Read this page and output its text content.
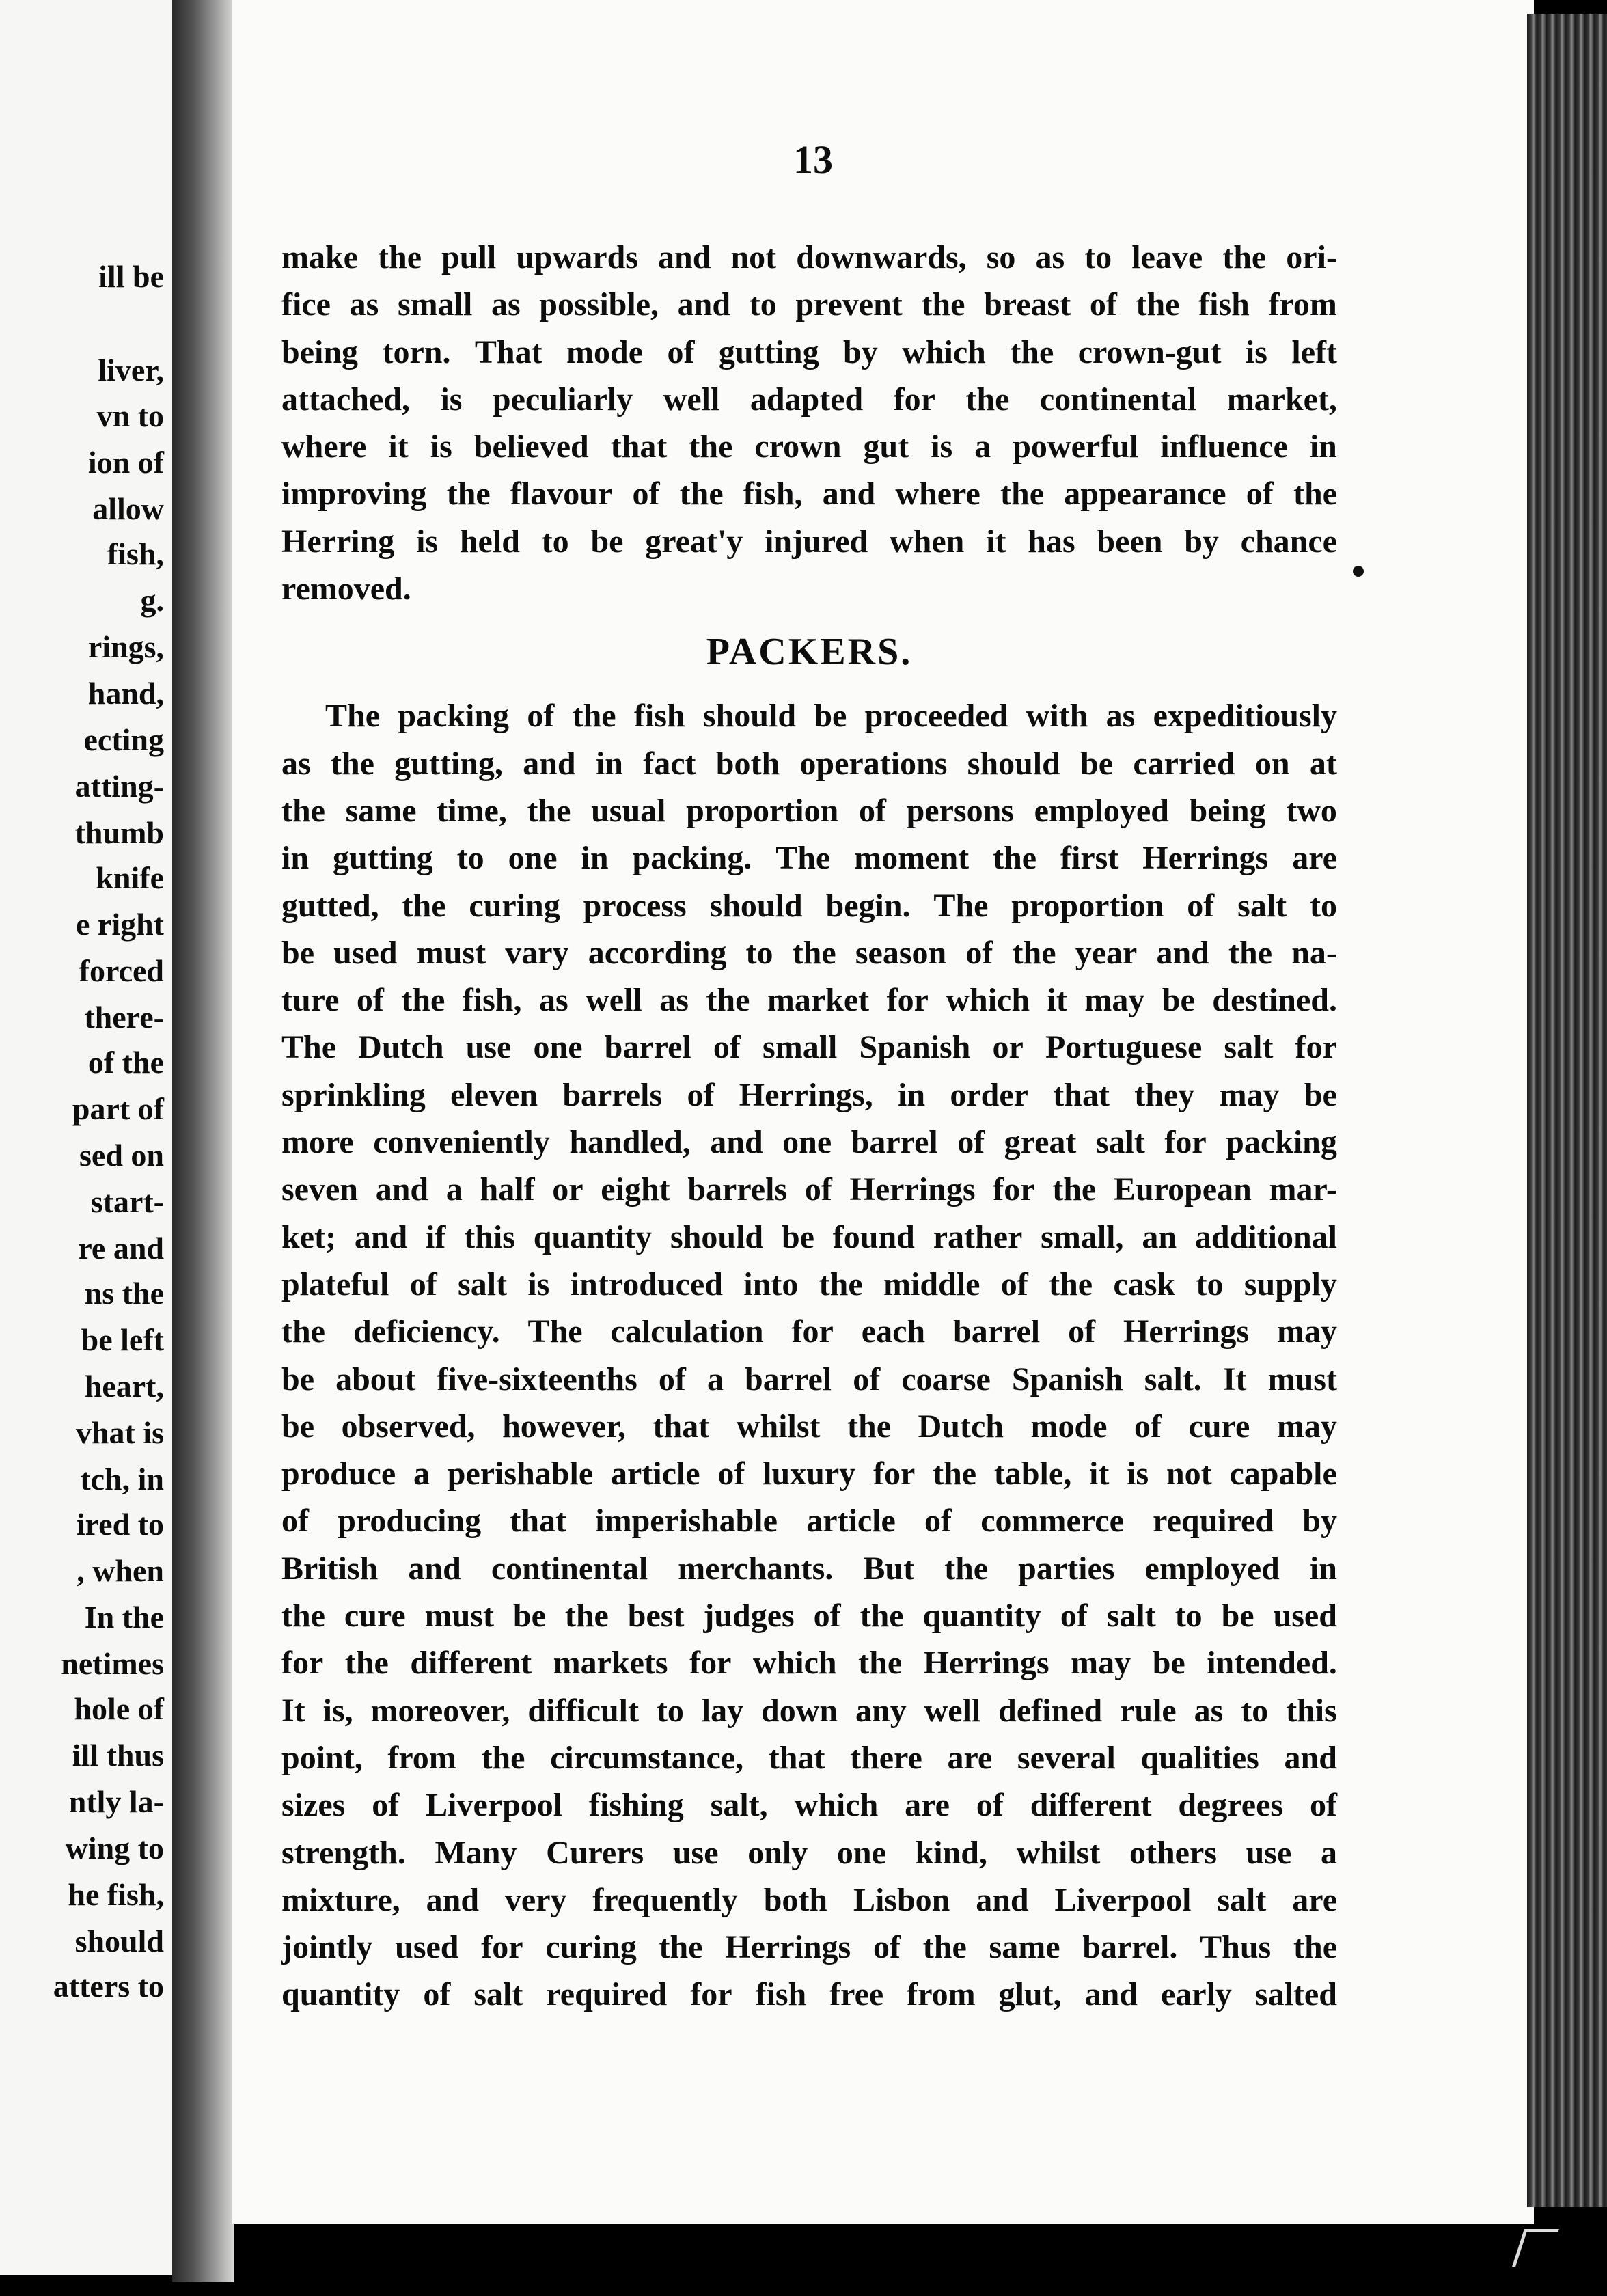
ill be
liver,
vn to
ion of
allow
fish,
g.
rings,
hand,
ecting
atting-
thumb
knife
e right
forced
there-
of the
part of
sed on
start-
re and
ns the
be left
heart,
vhat is
tch, in
ired to
, when
In the
netimes
hole of
ill thus
ntly la-
wing to
he fish,
should
atters to
13
make the pull upwards and not downwards, so as to leave the ori-
fice as small as possible, and to prevent the breast of the fish from
being torn. That mode of gutting by which the crown-gut is left
attached, is peculiarly well adapted for the continental market,
where it is believed that the crown gut is a powerful influence in
improving the flavour of the fish, and where the appearance of the
Herring is held to be great'y injured when it has been by chance
removed.
PACKERS.
The packing of the fish should be proceeded with as expeditiously
as the gutting, and in fact both operations should be carried on at
the same time, the usual proportion of persons employed being two
in gutting to one in packing. The moment the first Herrings are
gutted, the curing process should begin. The proportion of salt to
be used must vary according to the season of the year and the na-
ture of the fish, as well as the market for which it may be destined.
The Dutch use one barrel of small Spanish or Portuguese salt for
sprinkling eleven barrels of Herrings, in order that they may be
more conveniently handled, and one barrel of great salt for packing
seven and a half or eight barrels of Herrings for the European mar-
ket; and if this quantity should be found rather small, an additional
plateful of salt is introduced into the middle of the cask to supply
the deficiency. The calculation for each barrel of Herrings may
be about five-sixteenths of a barrel of coarse Spanish salt. It must
be observed, however, that whilst the Dutch mode of cure may
produce a perishable article of luxury for the table, it is not capable
of producing that imperishable article of commerce required by
British and continental merchants. But the parties employed in
the cure must be the best judges of the quantity of salt to be used
for the different markets for which the Herrings may be intended.
It is, moreover, difficult to lay down any well defined rule as to this
point, from the circumstance, that there are several qualities and
sizes of Liverpool fishing salt, which are of different degrees of
strength. Many Curers use only one kind, whilst others use a
mixture, and very frequently both Lisbon and Liverpool salt are
jointly used for curing the Herrings of the same barrel. Thus the
quantity of salt required for fish free from glut, and early salted
